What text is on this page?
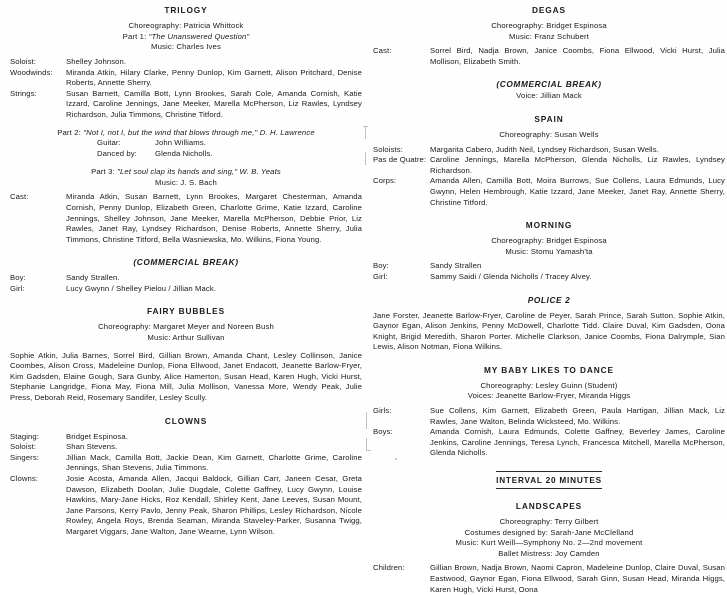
TRILOGY
Choreography: Patricia Whittock
Part 1: "The Unanswered Question"
Music: Charles Ives
Soloist:	Shelley Johnson.
Woodwinds:	Miranda Atkin, Hilary Clarke, Penny Dunlop, Kim Garnett, Alison Pritchard, Denise Roberts, Annette Sherry.
Strings:	Susan Barnett, Camilla Bott, Lynn Brookes, Sarah Cole, Amanda Cornish, Katie Izzard, Caroline Jennings, Jane Meeker, Marella McPherson, Liz Rawles, Lyndsey Richardson, Julia Timmons, Christine Titford.
Part 2: "Not I, not I, but the wind that blows through me," D. H. Lawrence
Guitar:	John Williams.
Danced by:	Glenda Nicholls.
Part 3: "Let soul clap its hands and sing," W. B. Yeats
Music: J. S. Bach
Cast:	Miranda Atkin, Susan Barnett, Lynn Brookes, Margaret Chesterman, Amanda Cornish, Penny Dunlop, Elizabeth Green, Charlotte Grime, Katie Izzard, Caroline Jennings, Shelley Johnson, Jane Meeker, Marella McPherson, Debbie Prior, Liz Rawles, Janet Ray, Lyndsey Richardson, Denise Roberts, Annette Sherry, Julia Timmons, Christine Titford, Bella Wasniewska, Mo. Wilkins, Fiona Young.
(COMMERCIAL BREAK)
Boy:	Sandy Strallen.
Girl:	Lucy Gwynn / Shelley Pielou / Jillian Mack.
FAIRY BUBBLES
Choreography: Margaret Meyer and Noreen Bush
Music: Arthur Sullivan
Sophie Atkin, Julia Barnes, Sorrel Bird, Gillian Brown, Amanda Chant, Lesley Collinson, Janice Coombes, Alison Cross, Madeleine Dunlop, Fiona Ellwood, Janet Endacott, Jeanette Barlow-Fryer, Kim Gadsden, Elaine Gough, Sara Gunby, Alice Hamerton, Susan Head, Karen Hugh, Vicki Hurst, Stephanie Langridge, Fiona May, Fiona Mill, Julia Mollison, Vanessa More, Wendy Peak, Julie Press, Deborah Reid, Rosemary Sandifer, Lesley Scully.
CLOWNS
Staging:	Bridget Espinosa.
Soloist:	Shan Stevens.
Singers:	Jillian Mack, Camilla Bott, Jackie Dean, Kim Garnett, Charlotte Grime, Caroline Jennings, Shan Stevens, Julia Timmons.
Clowns:	Josie Acosta, Amanda Allen, Jacqui Baldock, Gillian Carr, Janeen Cesar, Greta Dawson, Elizabeth Doolan, Julie Dugdale, Colette Gaffney, Lucy Gwynn, Louise Hawkins, Mary-Jane Hicks, Roz Kendall, Shirley Kent, Jane Leeves, Susan Mount, Jane Parsons, Kerry Pavlo, Jenny Peak, Sharon Phillips, Lesley Richardson, Nicole Rowley, Angela Roys, Brenda Seaman, Miranda Staveley-Parker, Susanna Twigg, Margaret Viggars, Jane Walton, Jane Wearne, Lynn Wilson.
DEGAS
Choreography: Bridget Espinosa
Music: Franz Schubert
Cast:	Sorrel Bird, Nadja Brown, Janice Coombs, Fiona Ellwood, Vicki Hurst, Julia Mollison, Elizabeth Smith.
(COMMERCIAL BREAK)
Voice: Jillian Mack
SPAIN
Choreography: Susan Wells
Soloists:	Margarita Cabero, Judith Neil, Lyndsey Richardson, Susan Wells.
Pas de Quatre: Caroline Jennings, Marella McPherson, Glenda Nicholls, Liz Rawles, Lyndsey Richardson.
Corps:	Amanda Allen, Camilla Bott, Moira Burrows, Sue Collens, Laura Edmunds, Lucy Gwynn, Helen Hembrough, Katie Izzard, Jane Meeker, Janet Ray, Annette Sherry, Christine Titford.
MORNING
Choreography: Bridget Espinosa
Music: Stomu Yamash'ta
Boy:	Sandy Strallen
Girl:	Sammy Saidi / Glenda Nicholls / Tracey Alvey.
POLICE 2
Jane Forster, Jeanette Barlow-Fryer, Caroline de Peyer, Sarah Prince, Sarah Sutton. Sophie Atkin, Gaynor Egan, Alison Jenkins, Penny McDowell, Charlotte Tidd. Claire Duval, Kim Gadsden, Oona Knight, Brigid Meredith, Sharon Porter. Michelle Clarkson, Janice Coombs, Fiona Dalrymple, Sian Lewis, Alison Notman, Fiona Wilkins.
MY BABY LIKES TO DANCE
Choreography: Lesley Guinn (Student)
Voices: Jeanette Barlow-Fryer, Miranda Higgs
Girls:	Sue Collens, Kim Garnett, Elizabeth Green, Paula Hartigan, Jillian Mack, Liz Rawles, Jane Walton, Belinda Wicksteed, Mo. Wilkins.
Boys:	Amanda Cornish, Laura Edmunds, Colette Gaffney, Beverley James, Caroline Jenkins, Caroline Jennings, Teresa Lynch, Francesca Mitchell, Marella McPherson, Glenda Nicholls.
INTERVAL 20 MINUTES
LANDSCAPES
Choreography: Terry Gilbert
Costumes designed by: Sarah-Jane McClelland
Music: Kurt Weill—Symphony No. 2—2nd movement
Ballet Mistress: Joy Camden
Children:	Gillian Brown, Nadja Brown, Naomi Capron, Madeleine Dunlop, Claire Duval, Susan Eastwood, Gaynor Egan, Fiona Ellwood, Sarah Ginn, Susan Head, Miranda Higgs, Karen Hugh, Vicki Hurst, Oona
